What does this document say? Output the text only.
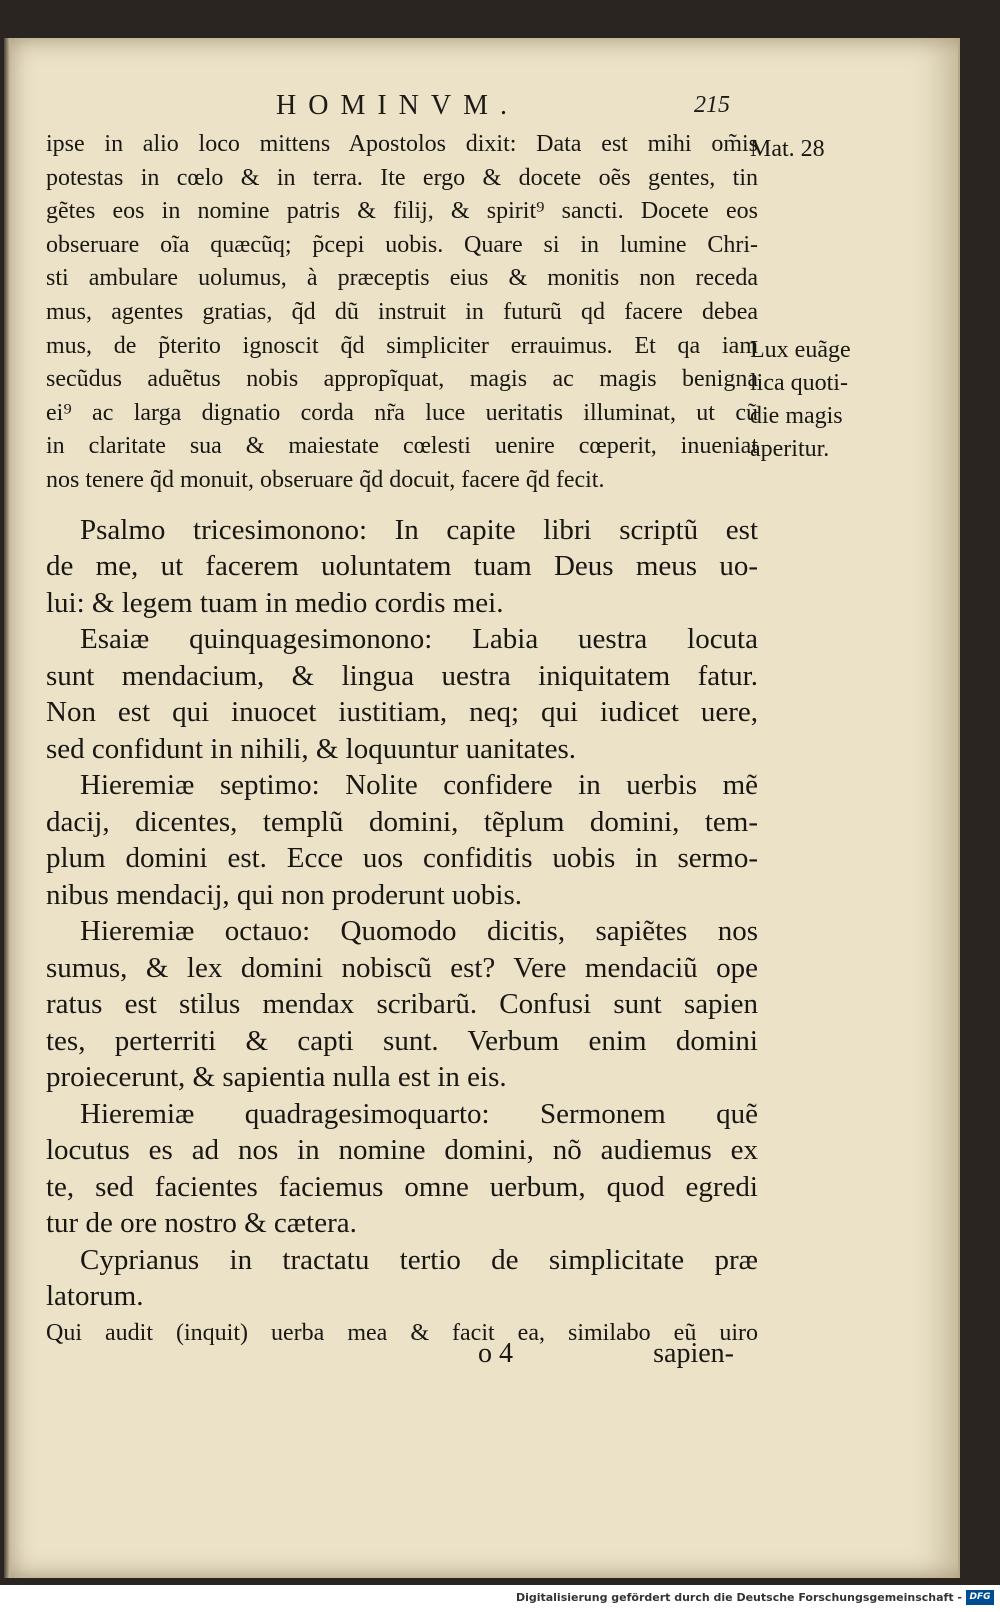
HOMINVM.	215
ipse in alio loco mittens Apostolos dixit: Data est mihi om̃is
potestas in cœlo & in terra. Ite ergo & docete oẽs gentes, tin
gẽtes eos in nomine patris & filij, & spirit⁹ sancti. Docete eos
obseruare oĩa quæcũq; p̃cepi uobis. Quare si in lumine Chri-
sti ambulare uolumus, à præceptis eius & monitis non receda
mus, agentes gratias, q̃d dũ instruit in futurũ qd facere debea
mus, de p̃terito ignoscit q̃d simpliciter errauimus. Et qa iam
secũdus aduẽtus nobis appropĩquat, magis ac magis benigna
ei⁹ ac larga dignatio corda nr̃a luce ueritatis illuminat, ut cũ
in claritate sua & maiestate cœlesti uenire cœperit, inueniat
nos tenere q̃d monuit, obseruare q̃d docuit, facere q̃d fecit.
Psalmo tricesimonono: In capite libri scriptũ est
de me, ut facerem uoluntatem tuam Deus meus uo-
lui: & legem tuam in medio cordis mei.
Esaiæ quinquagesimonono: Labia uestra locuta
sunt mendacium, & lingua uestra iniquitatem fatur.
Non est qui inuocet iustitiam, neq; qui iudicet uere,
sed confidunt in nihili, & loquuntur uanitates.
Hieremiæ septimo: Nolite confidere in uerbis mẽ
dacij, dicentes, templũ domini, tẽplum domini, tem-
plum domini est. Ecce uos confiditis uobis in sermo-
nibus mendacij, qui non proderunt uobis.
Hieremiæ octauo: Quomodo dicitis, sapiẽtes nos
sumus, & lex domini nobiscũ est? Vere mendaciũ ope
ratus est stilus mendax scribarũ. Confusi sunt sapien
tes, perterriti & capti sunt. Verbum enim domini
proiecerunt, & sapientia nulla est in eis.
Hieremiæ quadragesimoquarto: Sermonem quẽ
locutus es ad nos in nomine domini, nõ audiemus ex
te, sed facientes faciemus omne uerbum, quod egredi
tur de ore nostro & cætera.
Cyprianus in tractatu tertio de simplicitate præ
latorum.
Qui audit (inquit) uerba mea & facit ea, similabo eũ uiro
Mat. 28
Lux euãge
lica quoti-
die magis
aperitur.
o 4	sapien-
Digitalisierung gefördert durch die Deutsche Forschungsgemeinschaft - DFG
